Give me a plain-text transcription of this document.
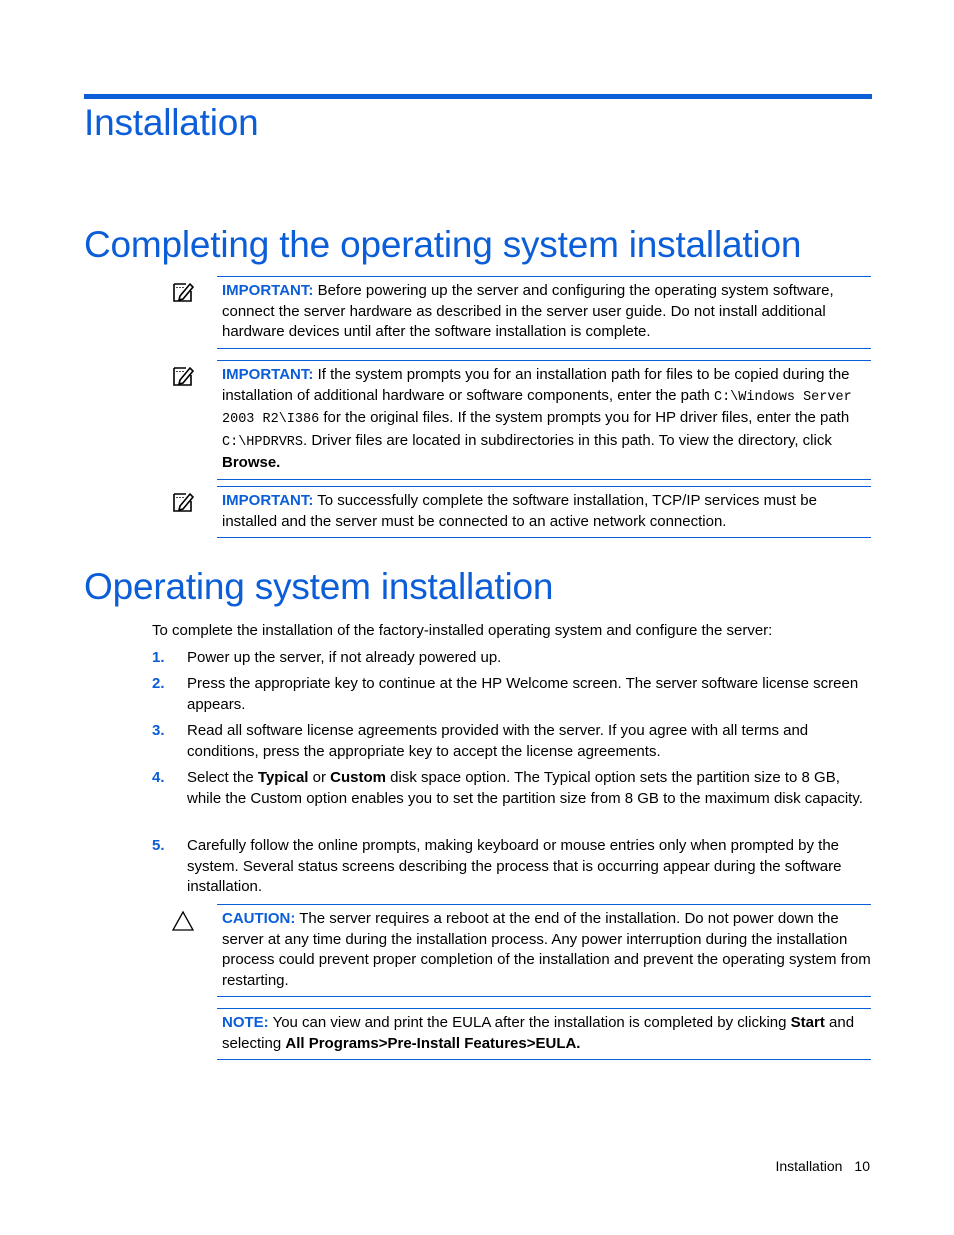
Installation
Completing the operating system installation
IMPORTANT: Before powering up the server and configuring the operating system software, connect the server hardware as described in the server user guide. Do not install additional hardware devices until after the software installation is complete.
IMPORTANT: If the system prompts you for an installation path for files to be copied during the installation of additional hardware or software components, enter the path C:\Windows Server 2003 R2\I386 for the original files. If the system prompts you for HP driver files, enter the path C:\HPDRVRS. Driver files are located in subdirectories in this path. To view the directory, click Browse.
IMPORTANT: To successfully complete the software installation, TCP/IP services must be installed and the server must be connected to an active network connection.
Operating system installation

To complete the installation of the factory-installed operating system and configure the server:

1. Power up the server, if not already powered up.
2. Press the appropriate key to continue at the HP Welcome screen. The server software license screen appears.
3. Read all software license agreements provided with the server. If you agree with all terms and conditions, press the appropriate key to accept the license agreements.
4. Select the Typical or Custom disk space option. The Typical option sets the partition size to 8 GB, while the Custom option enables you to set the partition size from 8 GB to the maximum disk capacity.
5. Carefully follow the online prompts, making keyboard or mouse entries only when prompted by the system. Several status screens describing the process that is occurring appear during the software installation.
CAUTION: The server requires a reboot at the end of the installation. Do not power down the server at any time during the installation process. Any power interruption during the installation process could prevent proper completion of the installation and prevent the operating system from restarting.
NOTE: You can view and print the EULA after the installation is completed by clicking Start and selecting All Programs>Pre-Install Features>EULA.
Installation 10
